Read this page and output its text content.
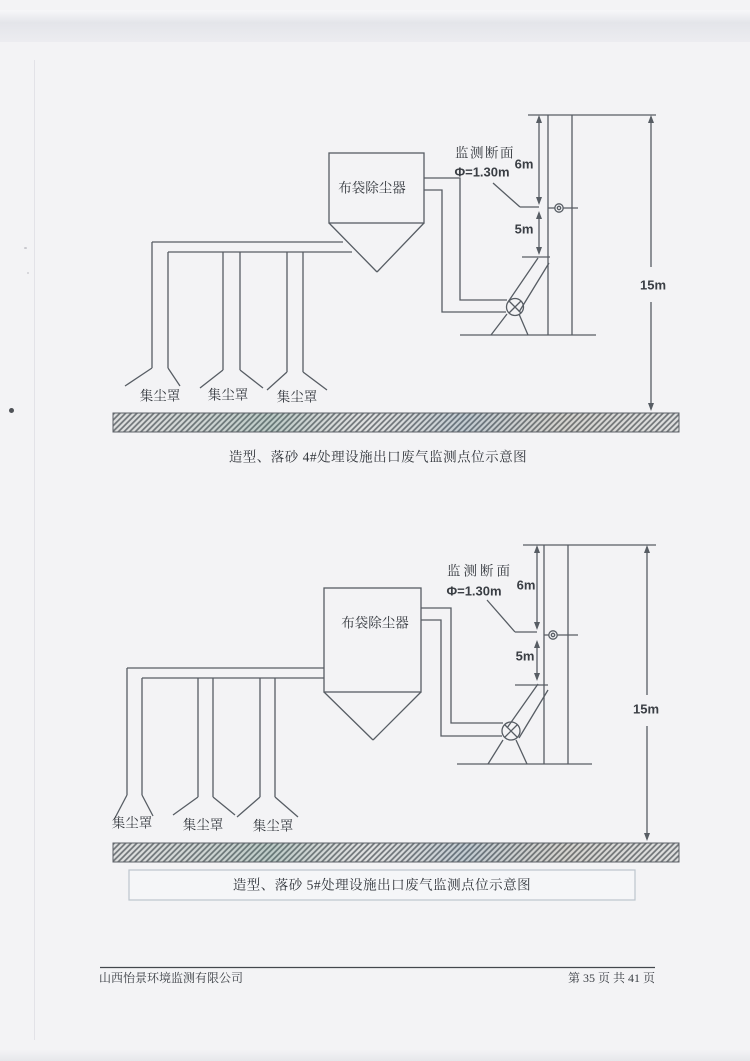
布袋除尘器
监测断面
Φ=1.30m
6m
5m
15m
集尘罩 集尘罩 集尘罩
造型、落砂 4#处理设施出口废气监测点位示意图
布袋除尘器
监测断面
Φ=1.30m 6m
5m
15m
集尘罩 集尘罩 集尘罩
造型、落砂 5#处理设施出口废气监测点位示意图
山西怡景环境监测有限公司	第 35 页 共 41 页
